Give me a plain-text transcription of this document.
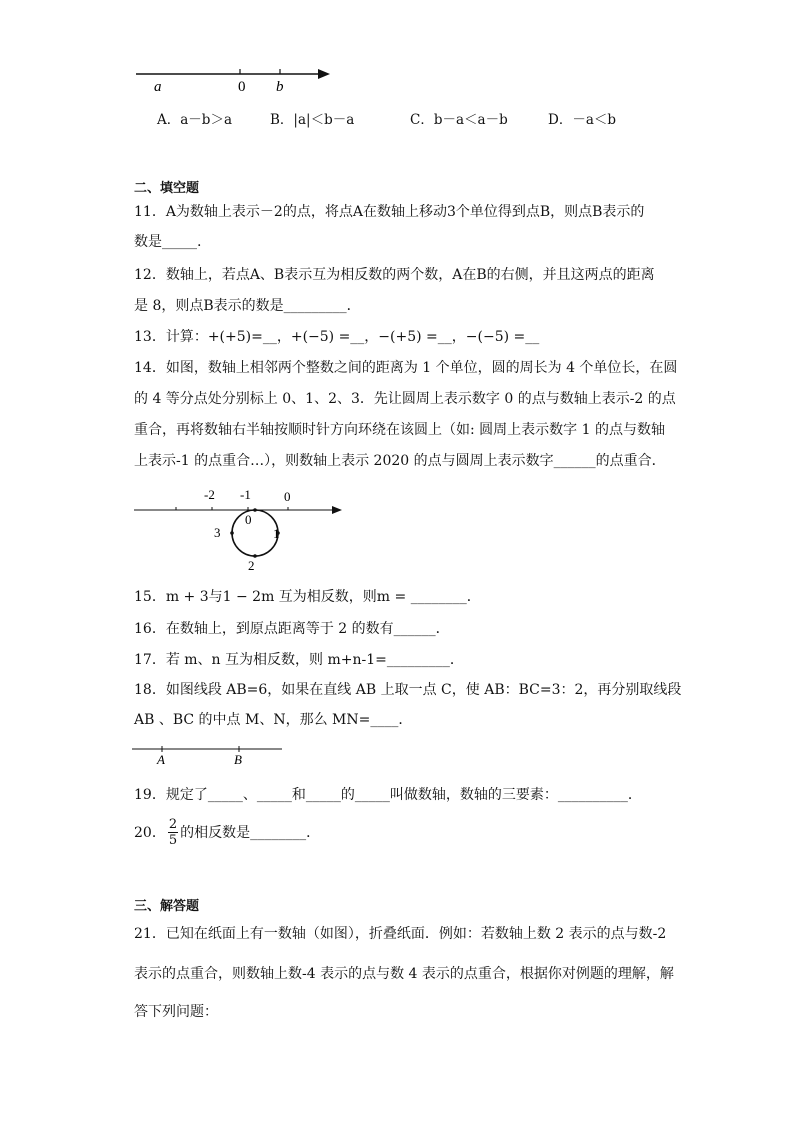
a	0 b
A．a－b＞a	B．|a|＜b－a	C．b－a＜a－b	D．－a＜b
二、填空题
11．A为数轴上表示－2的点，将点A在数轴上移动3个单位得到点B，则点B表示的
数是_____.
12．数轴上，若点A、B表示互为相反数的两个数，A在B的右侧，并且这两点的距离
是 8，则点B表示的数是_________．
13．计算：+(+5)=__，+(−5) =__，−(+5) =__，−(−5) =__
14．如图，数轴上相邻两个整数之间的距离为 1 个单位，圆的周长为 4 个单位长，在圆
的 4 等分点处分别标上 0、1、2、3．先让圆周上表示数字 0 的点与数轴上表示-2 的点
重合，再将数轴右半轴按顺时针方向环绕在该圆上（如: 圆周上表示数字 1 的点与数轴
上表示-1 的点重合…），则数轴上表示 2020 的点与圆周上表示数字______的点重合．
-2 -1	0
0
1
2
3
15．m + 3与1 − 2m 互为相反数，则m = ________．
16．在数轴上，到原点距离等于 2 的数有______．
17．若 m、n 互为相反数，则 m+n-1=_________．
18．如图线段 AB=6，如果在直线 AB 上取一点 C，使 AB：BC=3：2，再分别取线段
AB 、BC 的中点 M、N，那么 MN=____．
A	B
19．规定了_____、_____和_____的_____叫做数轴，数轴的三要素：__________．
20． $\frac{2}{5}$ 的相反数是________．
三、解答题
21．已知在纸面上有一数轴（如图），折叠纸面．例如：若数轴上数 2 表示的点与数-2
表示的点重合，则数轴上数-4 表示的点与数 4 表示的点重合，根据你对例题的理解，解
答下列问题：
